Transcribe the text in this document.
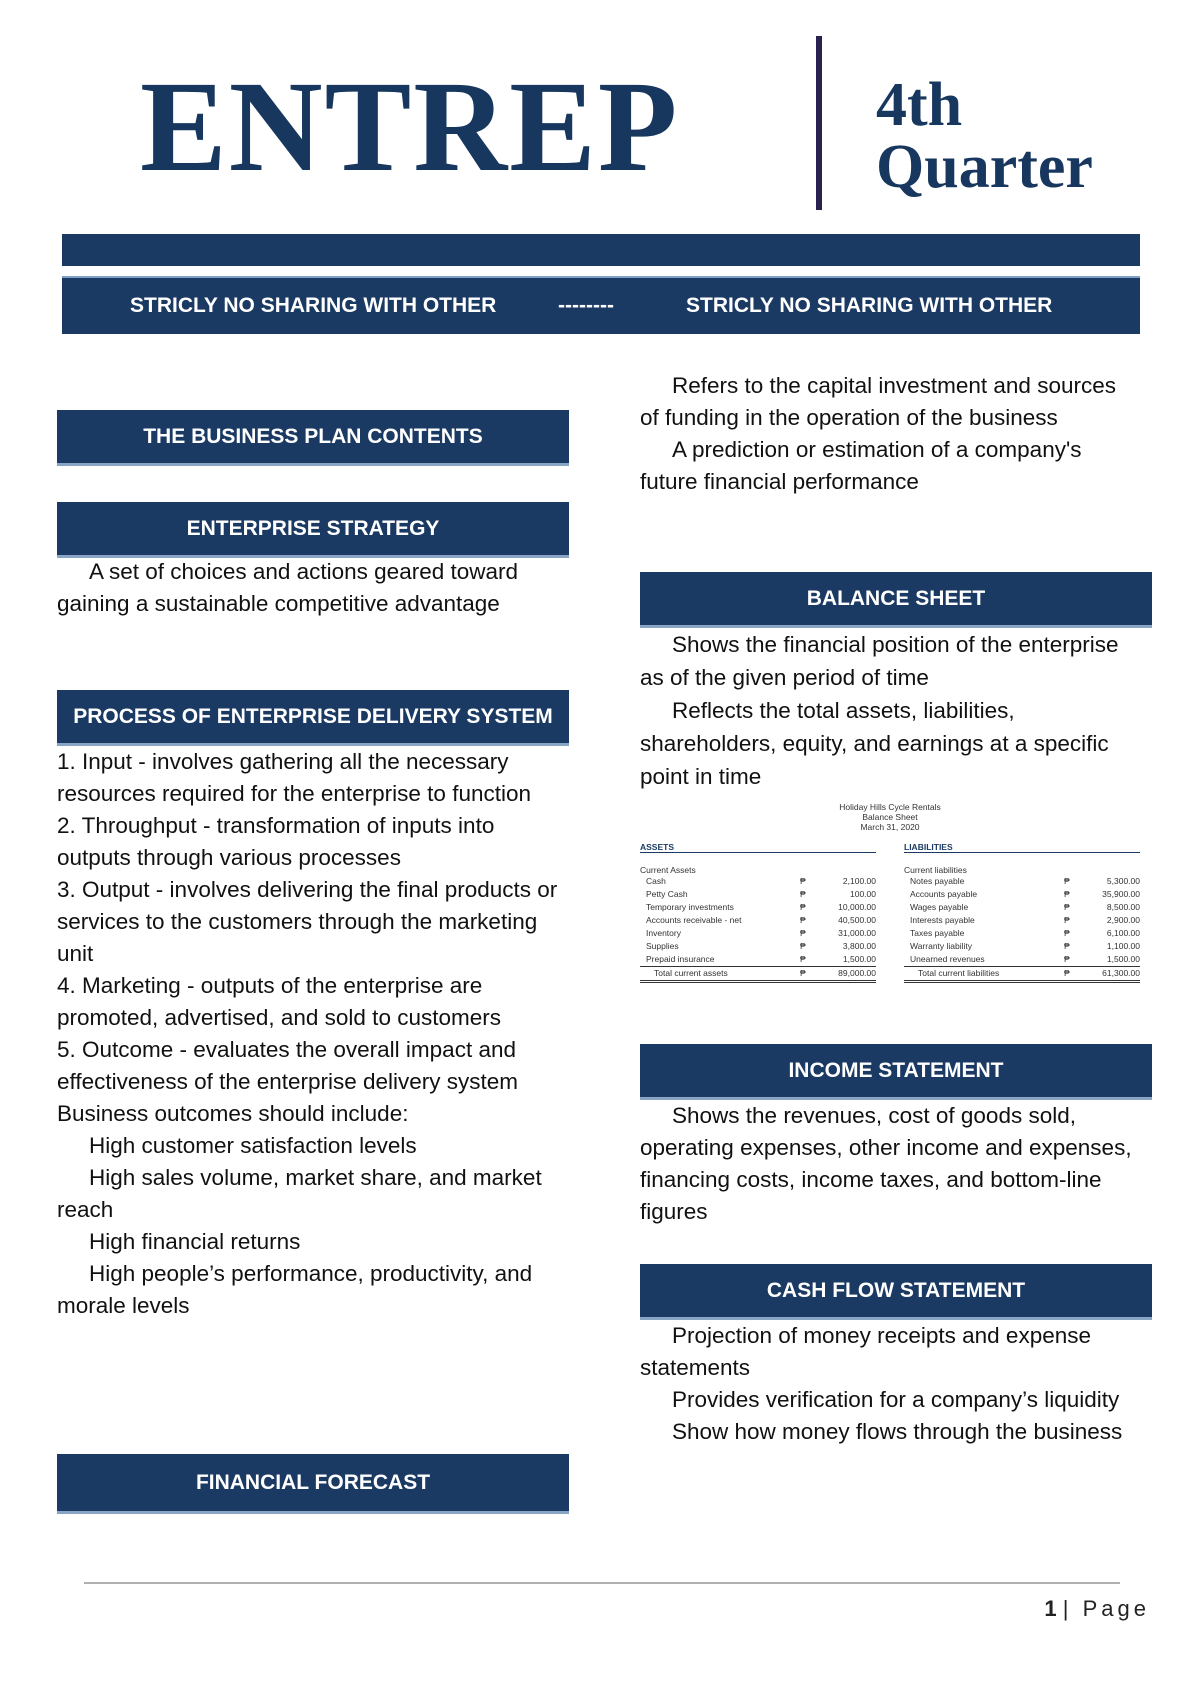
ENTREP	4th
Quarter
STRICLY NO SHARING WITH OTHER	--------	STRICLY NO SHARING WITH OTHER
THE BUSINESS PLAN CONTENTS
ENTERPRISE STRATEGY

A set of choices and actions geared toward gaining a sustainable competitive advantage

PROCESS OF ENTERPRISE DELIVERY SYSTEM

1. Input - involves gathering all the necessary resources required for the enterprise to function

2. Throughput - transformation of inputs into outputs through various processes

3. Output - involves delivering the final products or services to the customers through the marketing unit

4. Marketing - outputs of the enterprise are promoted, advertised, and sold to customers

5. Outcome - evaluates the overall impact and effectiveness of the enterprise delivery system

Business outcomes should include:

High customer satisfaction levels

High sales volume, market share, and market reach

High financial returns

High people’s performance, productivity, and morale levels

FINANCIAL FORECAST

Refers to the capital investment and sources of funding in the operation of the business

A prediction or estimation of a company's future financial performance

BALANCE SHEET

Shows the financial position of the enterprise as of the given period of time

Reflects the total assets, liabilities, shareholders, equity, and earnings at a specific point in time

Holiday Hills Cycle Rentals
Balance Sheet
March 31, 2020
ASSETS
Current Assets
Cash	₱	2,100.00
Petty Cash	₱	100.00
Temporary investments	₱	10,000.00
Accounts receivable - net	₱	40,500.00
Inventory	₱	31,000.00
Supplies	₱	3,800.00
Prepaid insurance	₱	1,500.00
Total current assets	₱	89,000.00
LIABILITIES
Current liabilities
Notes payable	₱	5,300.00
Accounts payable	₱	35,900.00
Wages payable	₱	8,500.00
Interests payable	₱	2,900.00
Taxes payable	₱	6,100.00
Warranty liability	₱	1,100.00
Unearned revenues	₱	1,500.00
Total current liabilities	₱	61,300.00
INCOME STATEMENT

Shows the revenues, cost of goods sold, operating expenses, other income and expenses, financing costs, income taxes, and bottom-line figures

CASH FLOW STATEMENT

Projection of money receipts and expense statements

Provides verification for a company’s liquidity

Show how money flows through the business

1 | Page
